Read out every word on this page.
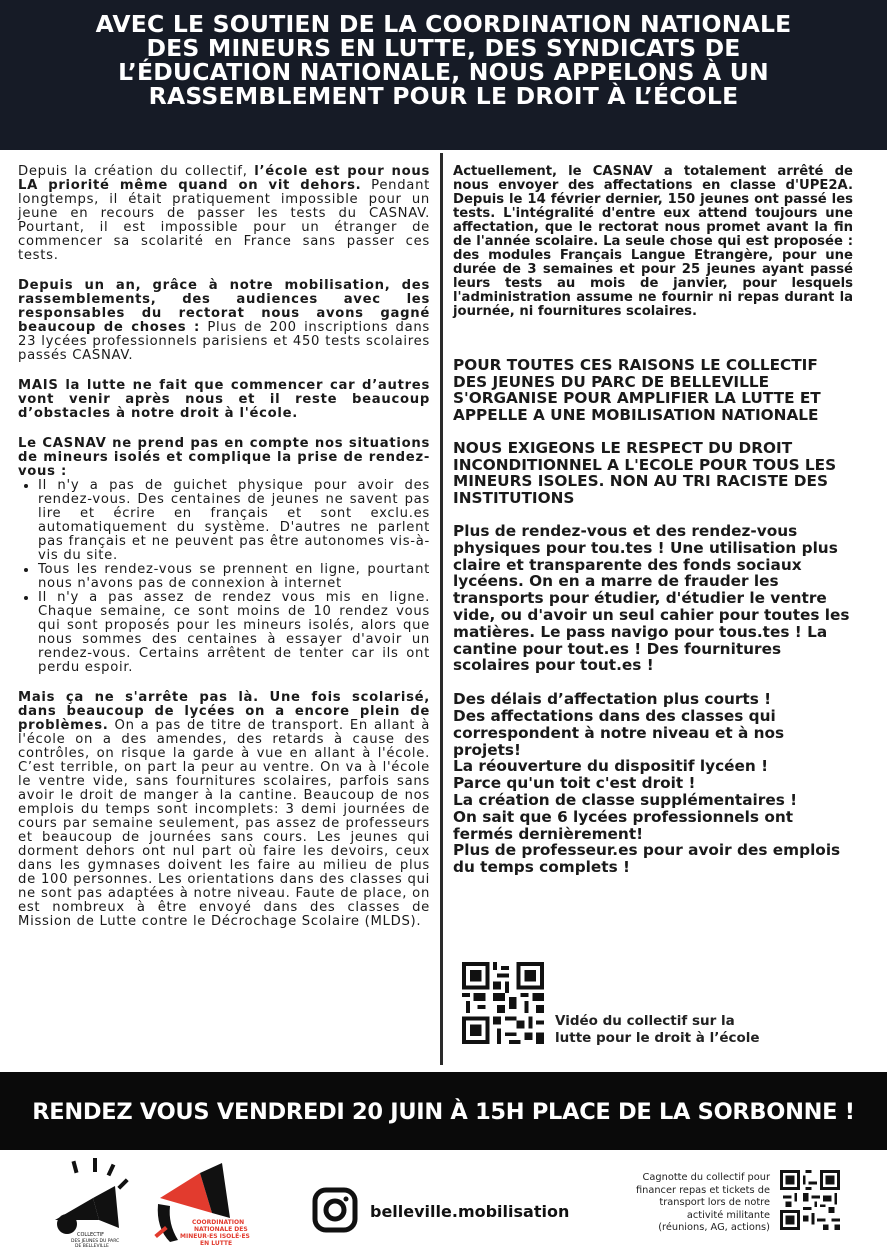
AVEC LE SOUTIEN DE LA COORDINATION NATIONALE
DES MINEURS EN LUTTE, DES SYNDICATS DE
L’ÉDUCATION NATIONALE, NOUS APPELONS À UN
RASSEMBLEMENT POUR LE DROIT À L’ÉCOLE

Depuis la création du collectif, l’école est pour nous LA priorité même quand on vit dehors. Pendant longtemps, il était pratiquement impossible pour un jeune en recours de passer les tests du CASNAV. Pourtant, il est impossible pour un étranger de commencer sa scolarité en France sans passer ces tests.

Depuis un an, grâce à notre mobilisation, des rassemblements, des audiences avec les responsables du rectorat nous avons gagné beaucoup de choses : Plus de 200 inscriptions dans 23 lycées professionnels parisiens et 450 tests scolaires passés CASNAV.

MAIS la lutte ne fait que commencer car d’autres vont venir après nous et il reste beaucoup d’obstacles à notre droit à l'école.

Le CASNAV ne prend pas en compte nos situations de mineurs isolés et complique la prise de rendez-vous :

• Il n'y a pas de guichet physique pour avoir des rendez-vous. Des centaines de jeunes ne savent pas lire et écrire en français et sont exclu.es automatiquement du système. D'autres ne parlent pas français et ne peuvent pas être autonomes vis-à-vis du site.
• Tous les rendez-vous se prennent en ligne, pourtant nous n'avons pas de connexion à internet
• Il n'y a pas assez de rendez vous mis en ligne. Chaque semaine, ce sont moins de 10 rendez vous qui sont proposés pour les mineurs isolés, alors que nous sommes des centaines à essayer d'avoir un rendez-vous. Certains arrêtent de tenter car ils ont perdu espoir.

Mais ça ne s'arrête pas là. Une fois scolarisé, dans beaucoup de lycées on a encore plein de problèmes. On a pas de titre de transport. En allant à l'école on a des amendes, des retards à cause des contrôles, on risque la garde à vue en allant à l'école. C’est terrible, on part la peur au ventre. On va à l'école le ventre vide, sans fournitures scolaires, parfois sans avoir le droit de manger à la cantine. Beaucoup de nos emplois du temps sont incomplets: 3 demi journées de cours par semaine seulement, pas assez de professeurs et beaucoup de journées sans cours. Les jeunes qui dorment dehors ont nul part où faire les devoirs, ceux dans les gymnases doivent les faire au milieu de plus de 100 personnes. Les orientations dans des classes qui ne sont pas adaptées à notre niveau. Faute de place, on est nombreux à être envoyé dans des classes de Mission de Lutte contre le Décrochage Scolaire (MLDS).

Actuellement, le CASNAV a totalement arrêté de nous envoyer des affectations en classe d'UPE2A. Depuis le 14 février dernier, 150 jeunes ont passé les tests. L'intégralité d'entre eux attend toujours une affectation, que le rectorat nous promet avant la fin de l'année scolaire. La seule chose qui est proposée : des modules Français Langue Etrangère, pour une durée de 3 semaines et pour 25 jeunes ayant passé leurs tests au mois de janvier, pour lesquels l'administration assume ne fournir ni repas durant la journée, ni fournitures scolaires.

POUR TOUTES CES RAISONS LE COLLECTIF DES JEUNES DU PARC DE BELLEVILLE S'ORGANISE POUR AMPLIFIER LA LUTTE ET APPELLE A UNE MOBILISATION NATIONALE

NOUS EXIGEONS LE RESPECT DU DROIT INCONDITIONNEL A L'ECOLE POUR TOUS LES MINEURS ISOLES. NON AU TRI RACISTE DES INSTITUTIONS

Plus de rendez-vous et des rendez-vous physiques pour tou.tes ! Une utilisation plus claire et transparente des fonds sociaux lycéens. On en a marre de frauder les transports pour étudier, d'étudier le ventre vide, ou d'avoir un seul cahier pour toutes les matières. Le pass navigo pour tous.tes ! La cantine pour tout.es ! Des fournitures scolaires pour tout.es !

Des délais d’affectation plus courts !
Des affectations dans des classes qui correspondent à notre niveau et à nos projets!
La réouverture du dispositif lycéen !
Parce qu'un toit c'est droit !
La création de classe supplémentaires !
On sait que 6 lycées professionnels ont fermés dernièrement!
Plus de professeur.es pour avoir des emplois du temps complets !
Vidéo du collectif sur la
lutte pour le droit à l’école
RENDEZ VOUS VENDREDI 20 JUIN À 15H PLACE DE LA SORBONNE !
COLLECTIF
DES JEUNES DU PARC
DE BELLEVILLE
COORDINATION
NATIONALE DES
MINEUR·ES ISOLÉ·ES
EN LUTTE
belleville.mobilisation
Cagnotte du collectif pour
financer repas et tickets de
transport lors de notre
activité militante
(réunions, AG, actions)
